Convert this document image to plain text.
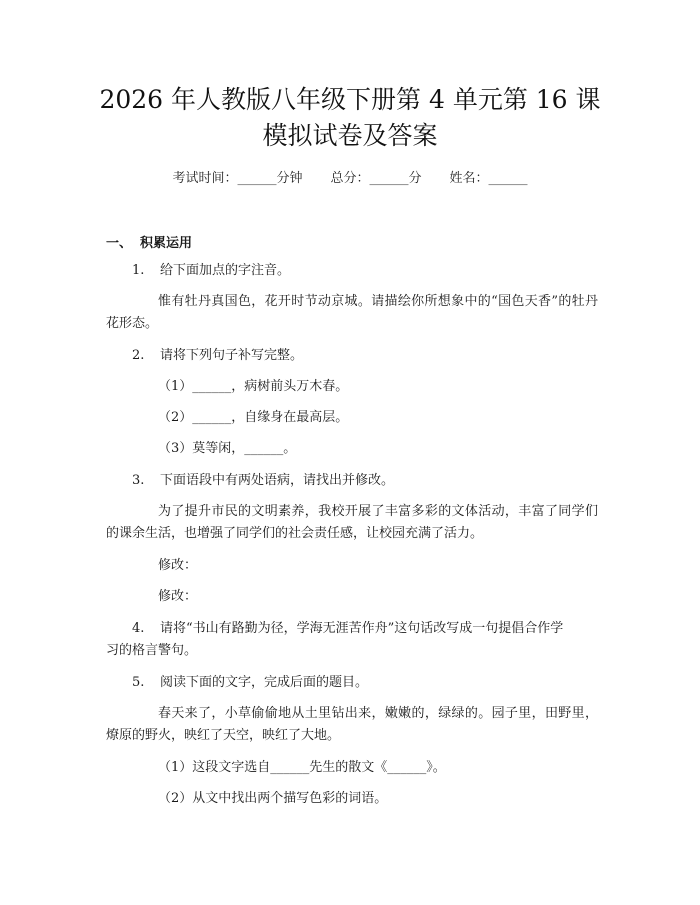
2026 年人教版八年级下册第 4 单元第 16 课
模拟试卷及答案
考试时间：______分钟 总分：______分 姓名：______
一、 积累运用
1. 给下面加点的字注音。
惟有牡丹真国色，花开时节动京城。请描绘你所想象中的“国色天香”的牡丹花形态。
2. 请将下列句子补写完整。
（1）______，病树前头万木春。
（2）______，自缘身在最高层。
（3）莫等闲，______。
3. 下面语段中有两处语病，请找出并修改。
为了提升市民的文明素养，我校开展了丰富多彩的文体活动，丰富了同学们的课余生活，也增强了同学们的社会责任感，让校园充满了活力。
修改：
修改：
4. 请将“书山有路勤为径，学海无涯苦作舟”这句话改写成一句提倡合作学
习的格言警句。
5. 阅读下面的文字，完成后面的题目。
春天来了，小草偷偷地从土里钻出来，嫩嫩的，绿绿的。园子里，田野里，燎原的野火，映红了天空，映红了大地。
（1）这段文字选自______先生的散文《______》。
（2）从文中找出两个描写色彩的词语。
